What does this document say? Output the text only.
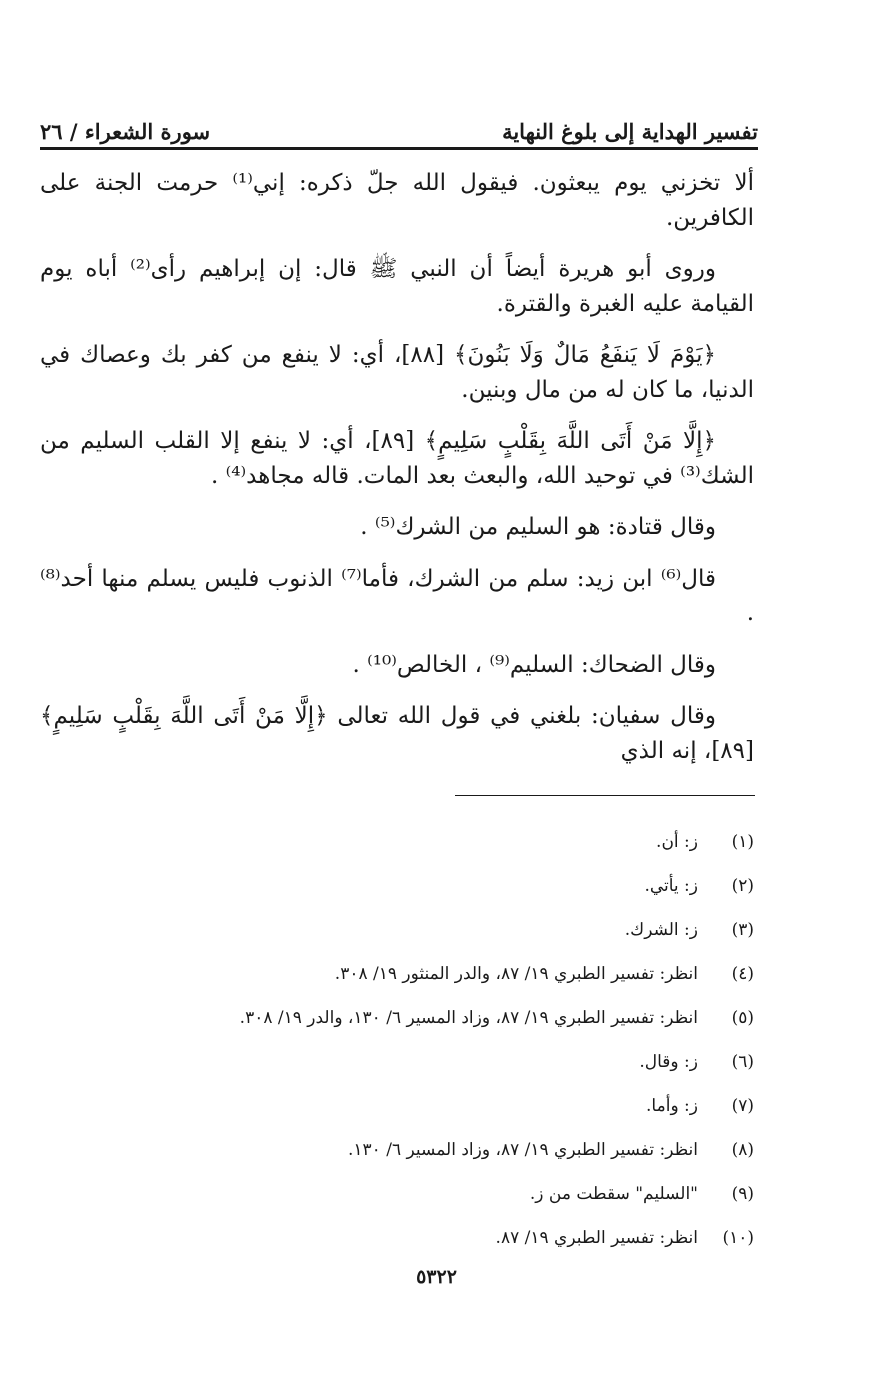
تفسير الهداية إلى بلوغ النهاية
سورة الشعراء / ٢٦

ألا تخزني يوم يبعثون. فيقول الله جلّ ذكره: إني⁽¹⁾ حرمت الجنة على الكافرين.

وروى أبو هريرة أيضاً أن النبي ﷺ قال: إن إبراهيم رأى⁽²⁾ أباه يوم القيامة عليه الغبرة والقترة.

﴿يَوْمَ لَا يَنفَعُ مَالٌ وَلَا بَنُونَ﴾ [٨٨]، أي: لا ينفع من كفر بك وعصاك في الدنيا، ما كان له من مال وبنين.

﴿إِلَّا مَنْ أَتَى اللَّهَ بِقَلْبٍ سَلِيمٍ﴾ [٨٩]، أي: لا ينفع إلا القلب السليم من الشك⁽³⁾ في توحيد الله، والبعث بعد المات. قاله مجاهد⁽⁴⁾ .

وقال قتادة: هو السليم من الشرك⁽⁵⁾ .

قال⁽⁶⁾ ابن زيد: سلم من الشرك، فأما⁽⁷⁾ الذنوب فليس يسلم منها أحد⁽⁸⁾ .

وقال الضحاك: السليم⁽⁹⁾ ، الخالص⁽¹⁰⁾ .

وقال سفيان: بلغني في قول الله تعالى ﴿إِلَّا مَنْ أَتَى اللَّهَ بِقَلْبٍ سَلِيمٍ﴾ [٨٩]، إنه الذي

(١)
ز: أن.
(٢)
ز: يأتي.
(٣)
ز: الشرك.
(٤)
انظر: تفسير الطبري ١٩/ ٨٧، والدر المنثور ١٩/ ٣٠٨.
(٥)
انظر: تفسير الطبري ١٩/ ٨٧، وزاد المسير ٦/ ١٣٠، والدر ١٩/ ٣٠٨.
(٦)
ز: وقال.
(٧)
ز: وأما.
(٨)
انظر: تفسير الطبري ١٩/ ٨٧، وزاد المسير ٦/ ١٣٠.
(٩)
"السليم" سقطت من ز.
(١٠)
انظر: تفسير الطبري ١٩/ ٨٧.
٥٣٢٢
